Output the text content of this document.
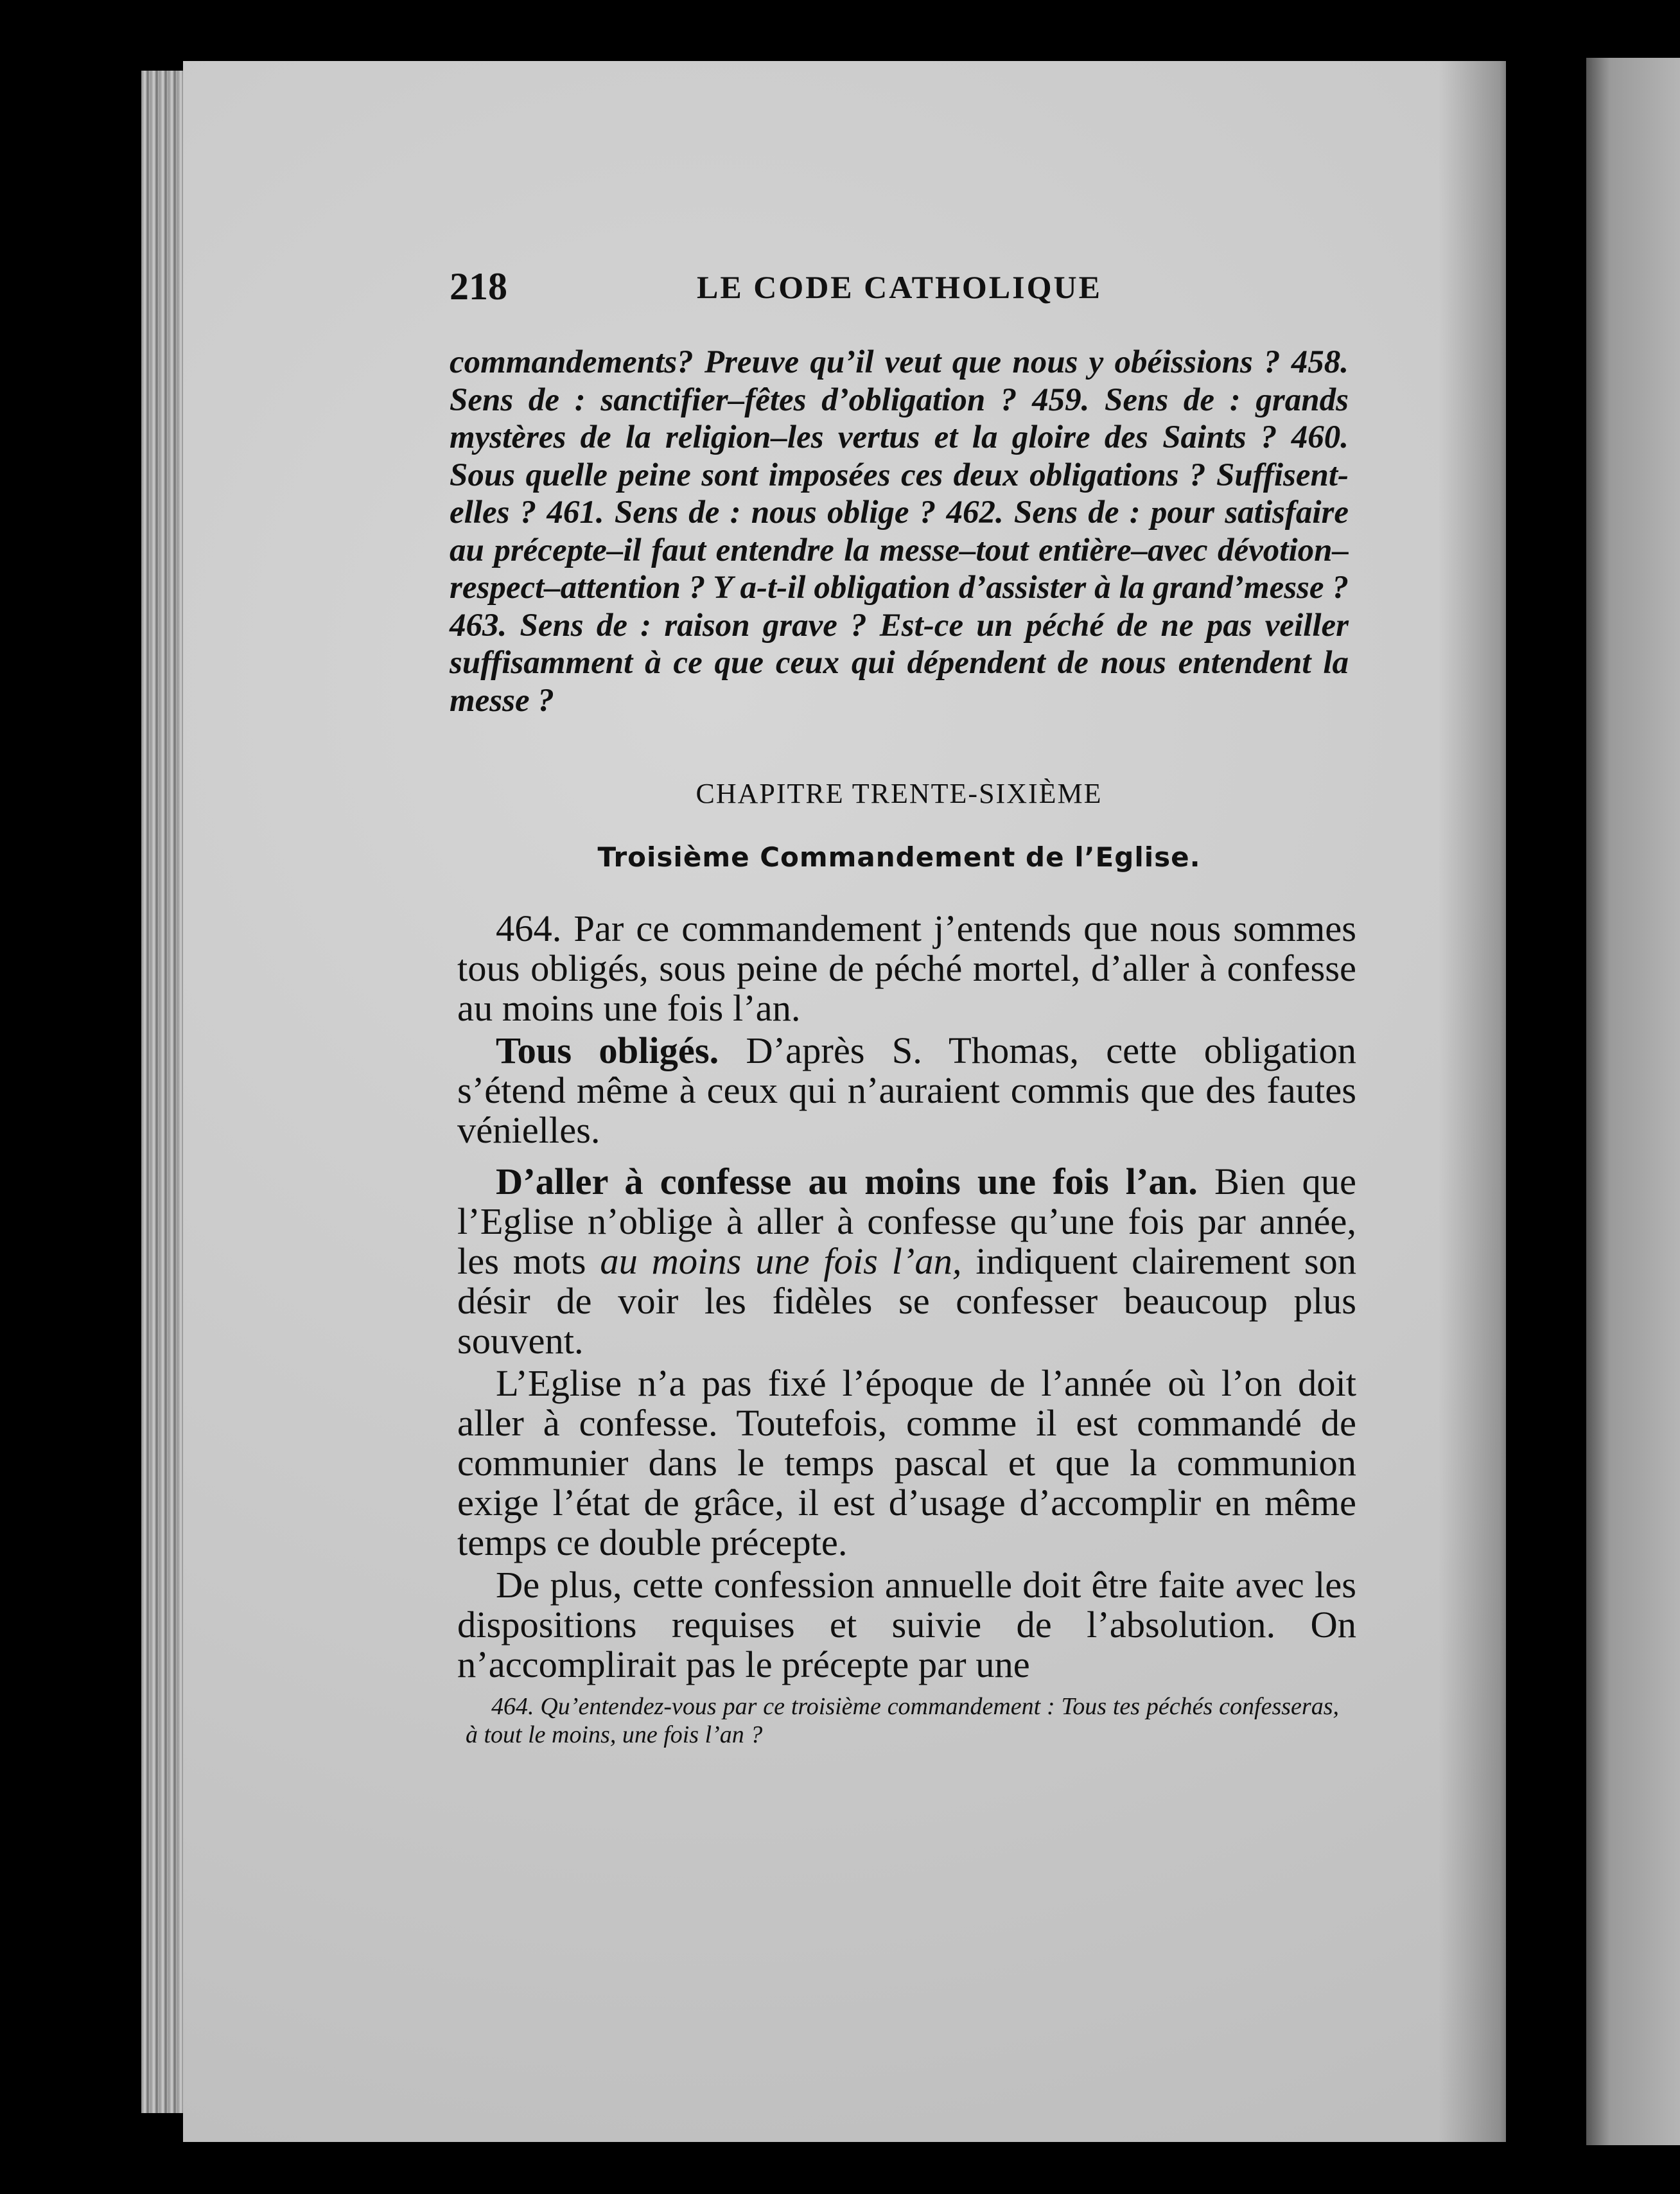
218	LE CODE CATHOLIQUE
commandements? Preuve qu’il veut que nous y obéissions ? 458. Sens de : sanctifier–fêtes d’obligation ? 459. Sens de : grands mystères de la religion–les vertus et la gloire des Saints ? 460. Sous quelle peine sont imposées ces deux obligations ? Suffisent-elles ? 461. Sens de : nous oblige ? 462. Sens de : pour satisfaire au précepte–il faut entendre la messe–tout entière–avec dévotion–respect–attention ? Y a-t-il obligation d’assister à la grand’messe ? 463. Sens de : raison grave ? Est-ce un péché de ne pas veiller suffisamment à ce que ceux qui dépendent de nous entendent la messe ?
CHAPITRE TRENTE-SIXIÈME
Troisième Commandement de l’Eglise.

464. Par ce commandement j’entends que nous sommes tous obligés, sous peine de péché mortel, d’aller à confesse au moins une fois l’an.

Tous obligés. D’après S. Thomas, cette obligation s’étend même à ceux qui n’auraient commis que des fautes vénielles.

D’aller à confesse au moins une fois l’an. Bien que l’Eglise n’oblige à aller à confesse qu’une fois par année, les mots au moins une fois l’an, indiquent clairement son désir de voir les fidèles se confesser beaucoup plus souvent.

L’Eglise n’a pas fixé l’époque de l’année où l’on doit aller à confesse. Toutefois, comme il est commandé de communier dans le temps pascal et que la communion exige l’état de grâce, il est d’usage d’accomplir en même temps ce double précepte.

De plus, cette confession annuelle doit être faite avec les dispositions requises et suivie de l’absolution. On n’accomplirait pas le précepte par une

464. Qu’entendez-vous par ce troisième commandement : Tous tes péchés confesseras, à tout le moins, une fois l’an ?
